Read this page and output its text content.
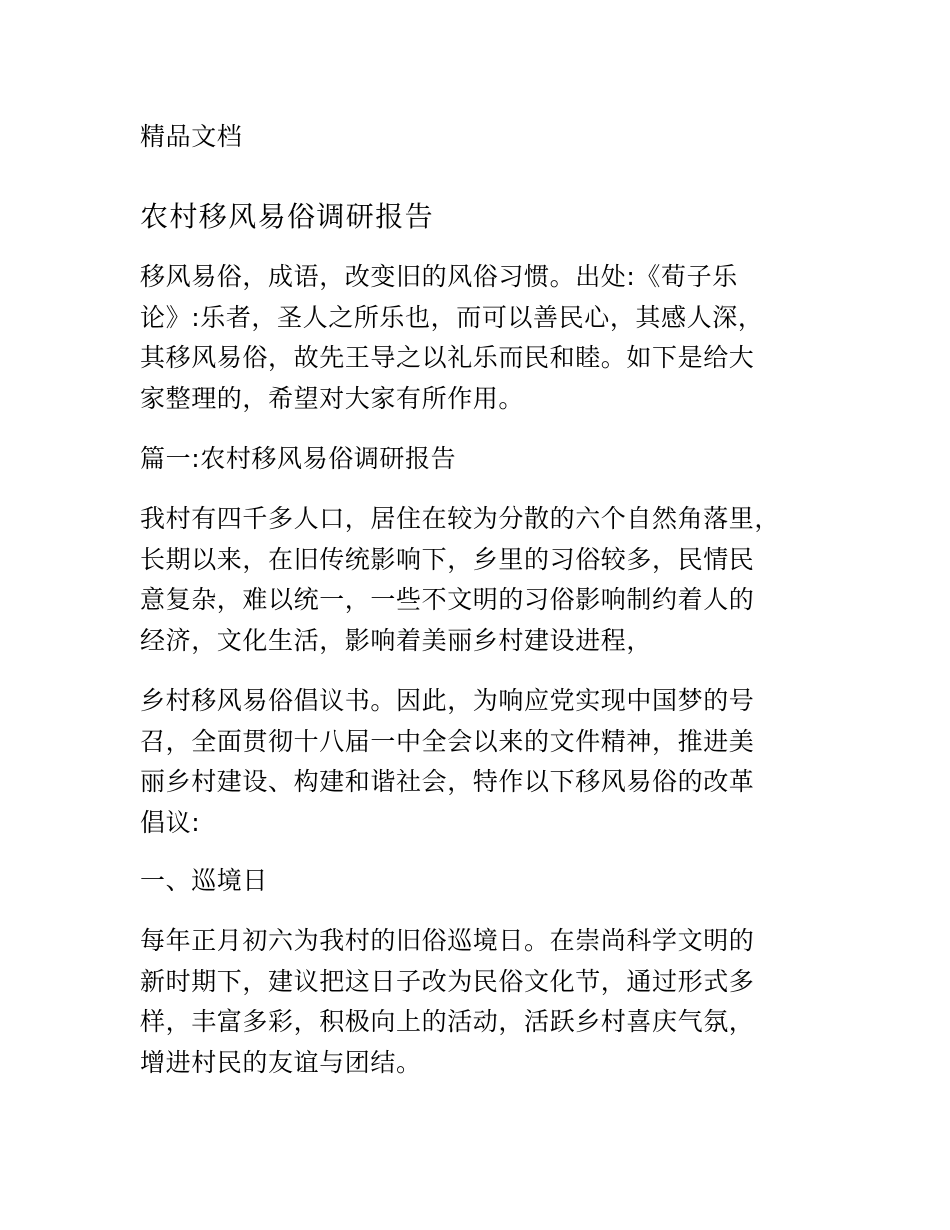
精品文档
农村移风易俗调研报告
移风易俗，成语，改变旧的风俗习惯。出处:《荀子乐
论》:乐者，圣人之所乐也，而可以善民心，其感人深，
其移风易俗，故先王导之以礼乐而民和睦。如下是给大
家整理的，希望对大家有所作用。
篇一:农村移风易俗调研报告
我村有四千多人口，居住在较为分散的六个自然角落里，
长期以来，在旧传统影响下，乡里的习俗较多，民情民
意复杂，难以统一，一些不文明的习俗影响制约着人的
经济，文化生活，影响着美丽乡村建设进程，
乡村移风易俗倡议书。因此，为响应党实现中国梦的号
召，全面贯彻十八届一中全会以来的文件精神，推进美
丽乡村建设、构建和谐社会，特作以下移风易俗的改革
倡议:
一、巡境日
每年正月初六为我村的旧俗巡境日。在崇尚科学文明的
新时期下，建议把这日子改为民俗文化节，通过形式多
样，丰富多彩，积极向上的活动，活跃乡村喜庆气氛，
增进村民的友谊与团结。
